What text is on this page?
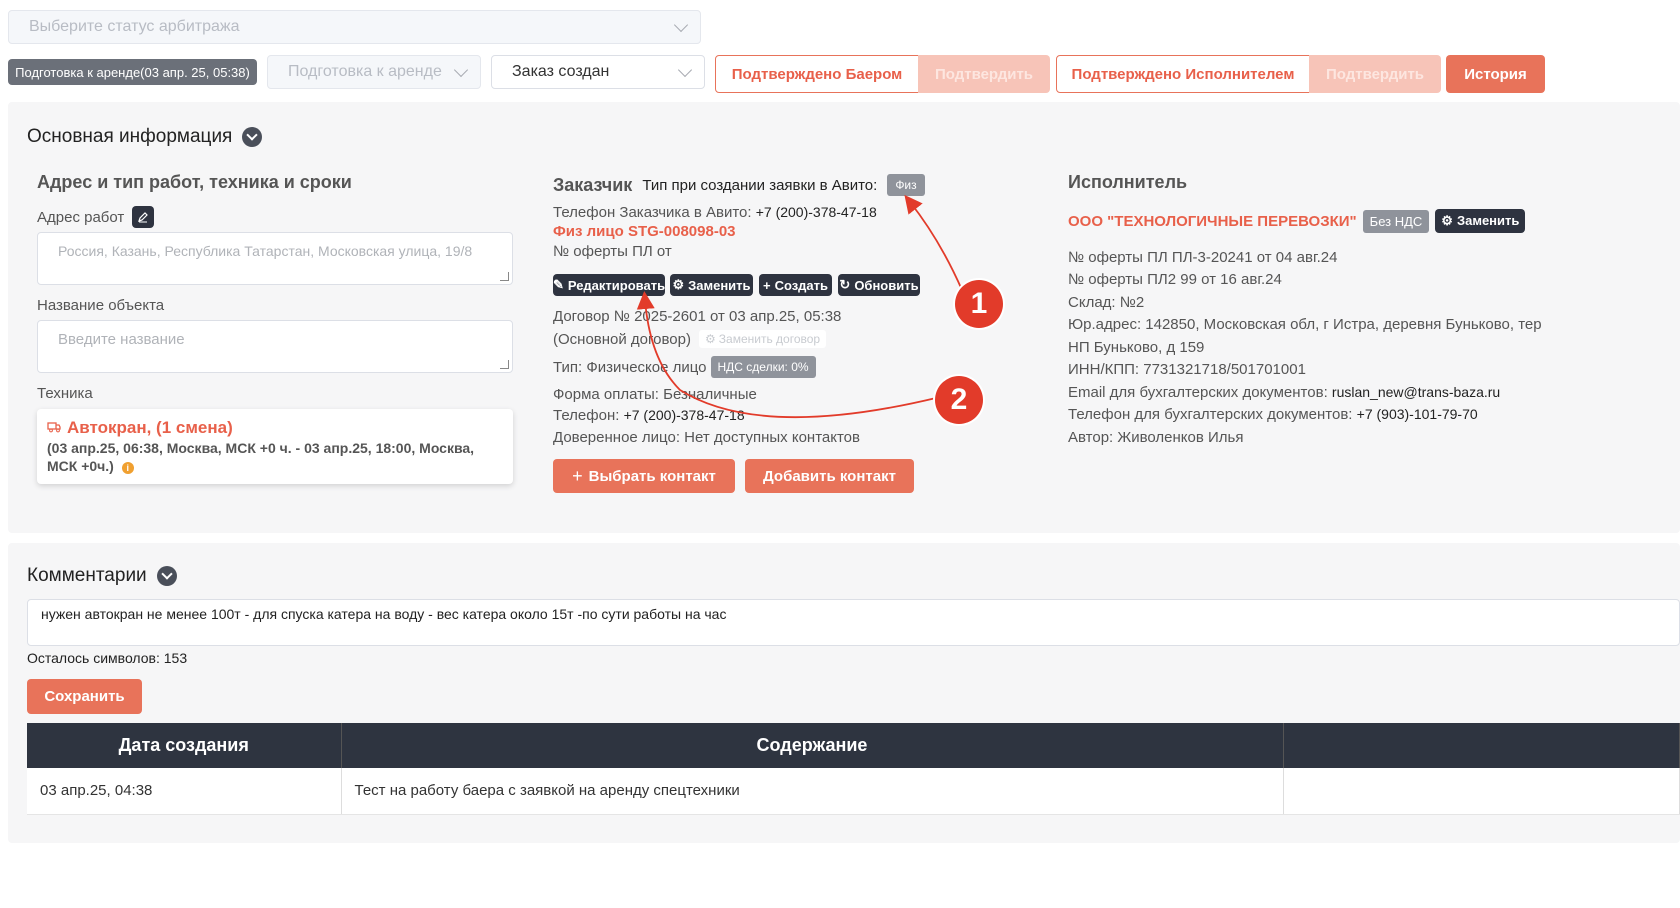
Выберите статус арбитража
Подготовка к аренде(03 апр. 25, 05:38)	Подготовка к аренде	Заказ создан	Подтверждено Баером	Подтвердить	Подтверждено Исполнителем	Подтвердить	История
Основная информация
Адрес и тип работ, техника и сроки
Адрес работ
Россия, Казань, Республика Татарстан, Московская улица, 19/8
Название объекта
Введите название
Техника
Автокран, (1 смена)
(03 апр.25, 06:38, Москва, МСК +0 ч. - 03 апр.25, 18:00, Москва, МСК +0ч.) i
Заказчик Тип при создании заявки в Авито:	Физ
Телефон Заказчика в Авито: +7 (200)-378-47-18
Физ лицо STG-008098-03
№ оферты ПЛ от
✎ Редактировать ⚙ Заменить + Создать ↻ Обновить
Договор № 2025-2601 от 03 апр.25, 05:38
(Основной договор) ⚙ Заменить договор
Тип: Физическое лицо НДС сделки: 0%
Форма оплаты: Безналичные
Телефон: +7 (200)-378-47-18
Доверенное лицо: Нет доступных контактов
+ Выбрать контакт	Добавить контакт
Исполнитель
ООО "ТЕХНОЛОГИЧНЫЕ ПЕРЕВОЗКИ"	Без НДС	⚙ Заменить
№ оферты ПЛ ПЛ-3-20241 от 04 авг.24
№ оферты ПЛ2 99 от 16 авг.24
Склад: №2
Юр.адрес: 142850, Московская обл, г Истра, деревня Буньково, тер
НП Буньково, д 159
ИНН/КПП: 7731321718/501701001
Email для бухгалтерских документов: ruslan_new@trans-baza.ru
Телефон для бухгалтерских документов: +7 (903)-101-79-70
Автор: Живоленков Илья
Комментарии
нужен автокран не менее 100т - для спуска катера на воду - вес катера около 15т -по сути работы на час
Осталось символов: 153
Сохранить
Дата создания	Содержание	
03 апр.25, 04:38	Тест на работу баера с заявкой на аренду спецтехники	
1
2
